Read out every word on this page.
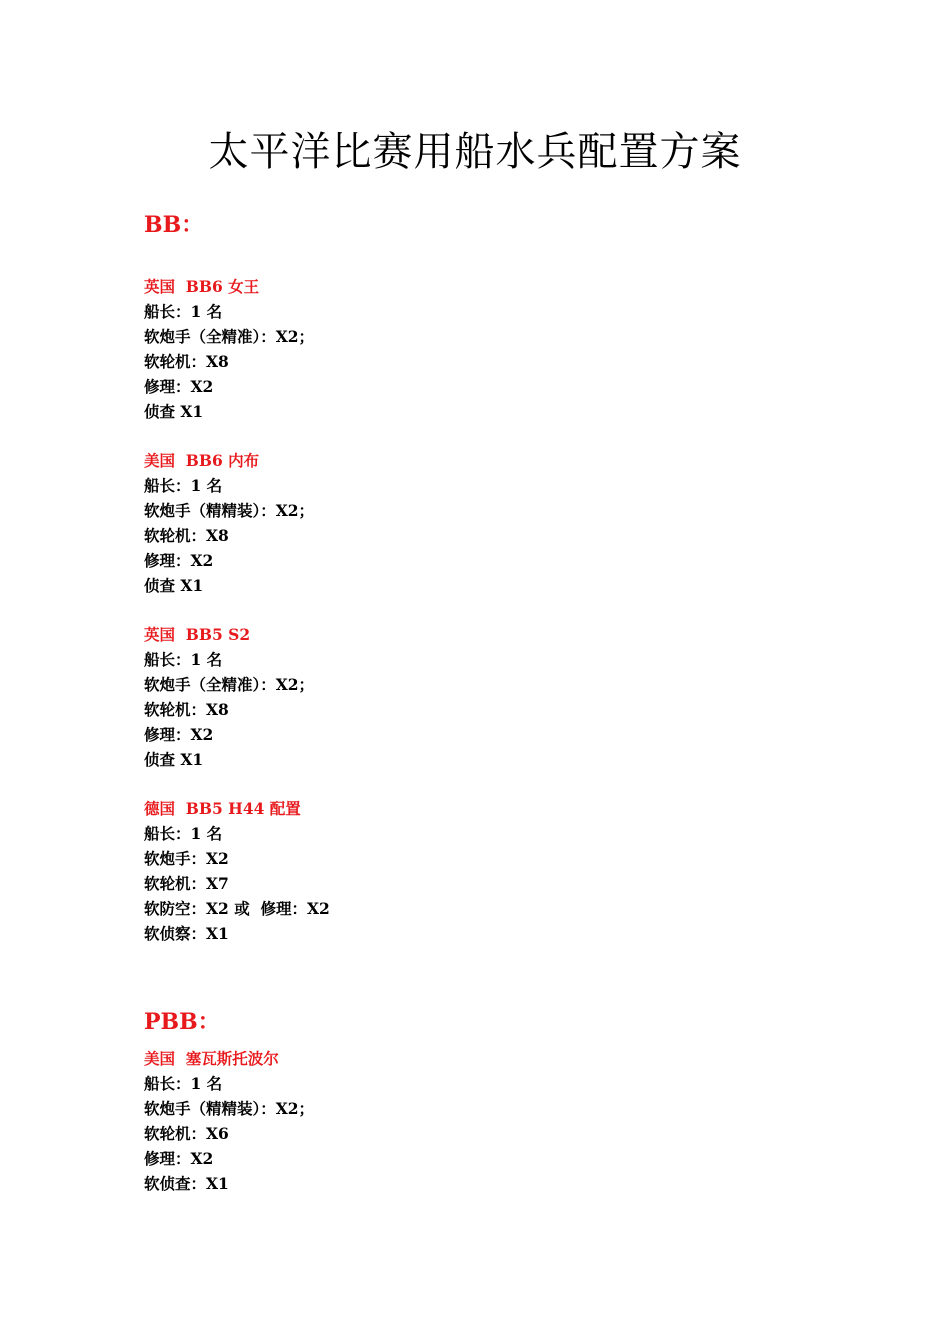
太平洋比赛用船水兵配置方案
BB：
英国  BB6 女王
船长：1 名
软炮手（全精准）：X2；
软轮机：X8
修理：X2
侦查 X1
美国  BB6 内布
船长：1 名
软炮手（精精装）：X2；
软轮机：X8
修理：X2
侦查 X1
英国  BB5 S2
船长：1 名
软炮手（全精准）：X2；
软轮机：X8
修理：X2
侦查 X1
德国  BB5 H44 配置
船长：1 名
软炮手：X2
软轮机：X7
软防空：X2 或  修理：X2
软侦察：X1
PBB：
美国  塞瓦斯托波尔
船长：1 名
软炮手（精精装）：X2；
软轮机：X6
修理：X2
软侦查：X1
